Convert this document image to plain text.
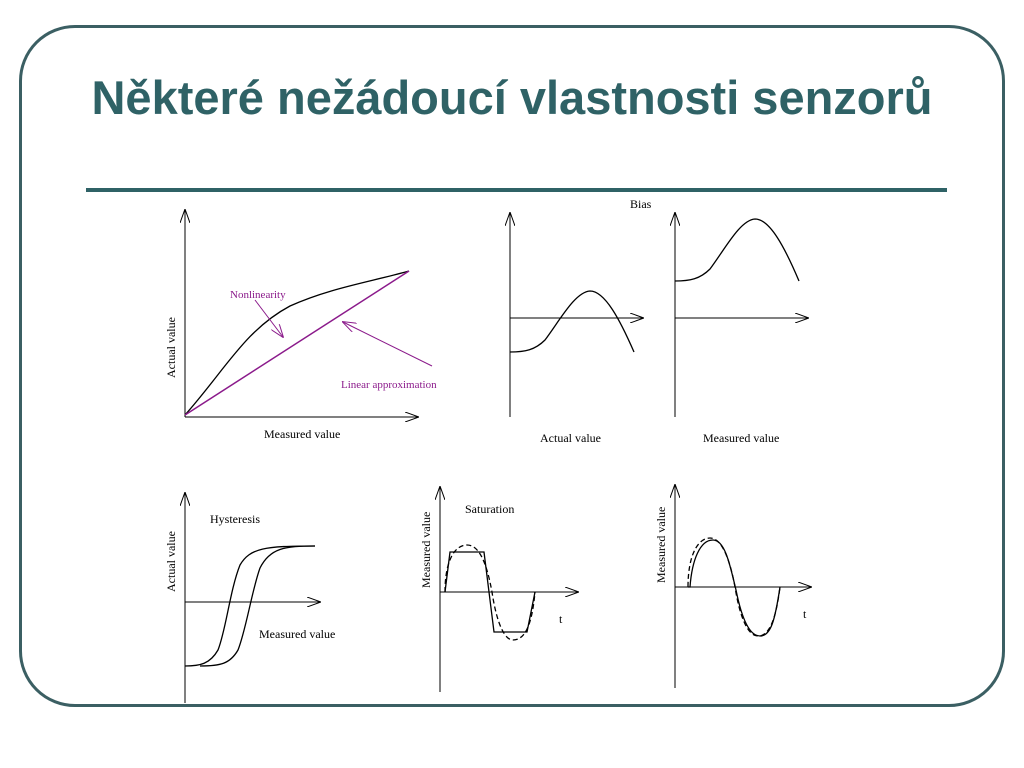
Některé nežádoucí vlastnosti senzorů
Nonlinearity
Linear approximation
Actual value
Measured value
Bias
Actual value	Measured value
Hysteresis
Actual value
Measured value
Saturation
Measured value
t
Measured value
t
